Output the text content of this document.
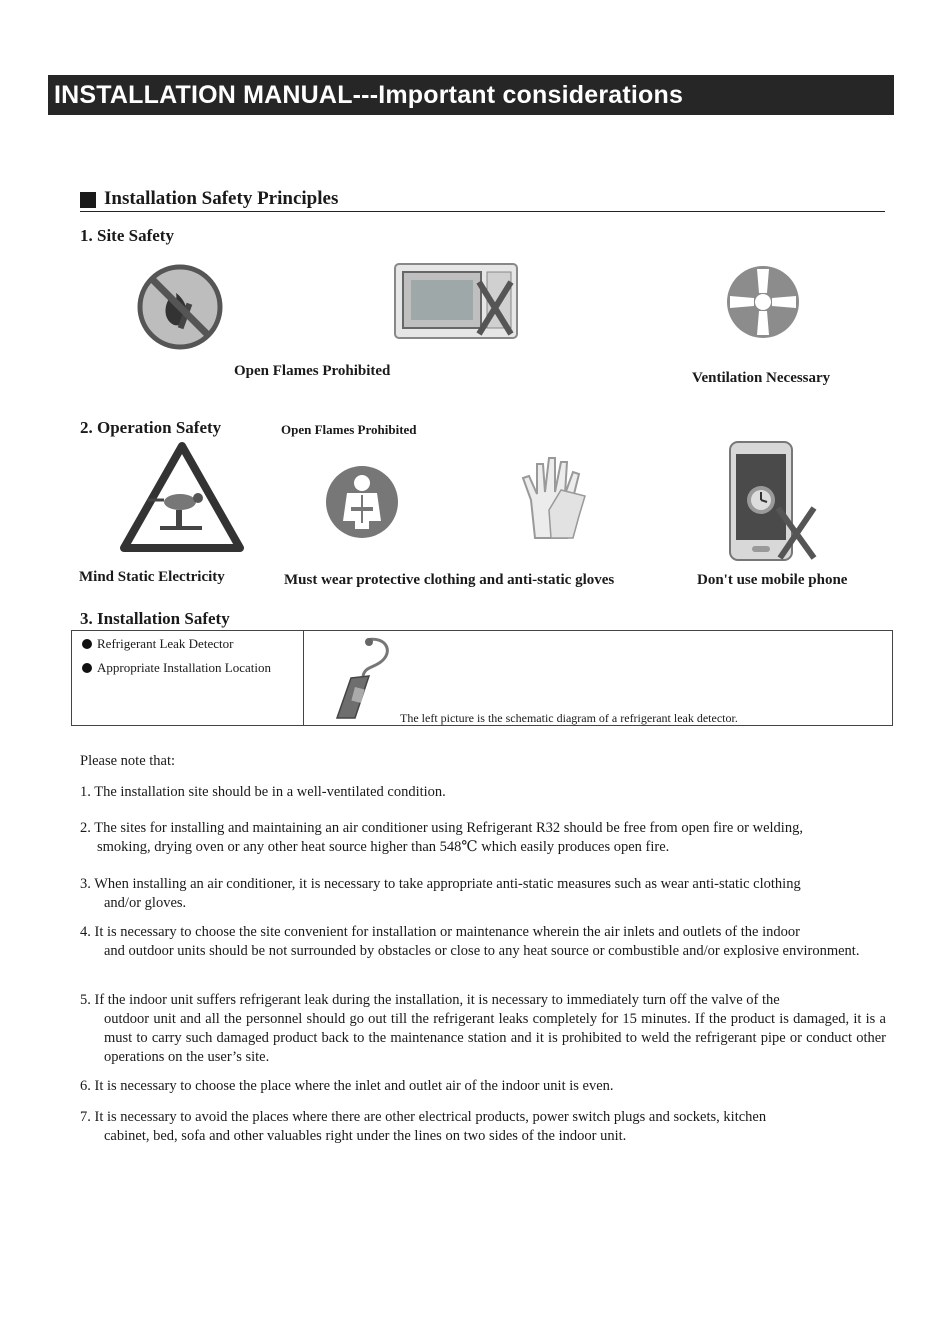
INSTALLATION MANUAL---Important considerations
Installation Safety Principles
1. Site Safety
Open Flames Prohibited	Ventilation Necessary
2. Operation Safety	Open Flames Prohibited
Mind Static Electricity	Must wear protective clothing and anti-static gloves	Don't use mobile phone
3. Installation Safety
Refrigerant Leak Detector
Appropriate Installation Location
The left picture is the schematic diagram of a refrigerant leak detector.
Please note that:
1. The installation site should be in a well-ventilated condition.
2. The sites for installing and maintaining an air conditioner using Refrigerant R32 should be free from open fire or welding,
smoking, drying oven or any other heat source higher than 548℃ which easily produces open fire.
3. When installing an air conditioner, it is necessary to take appropriate anti-static measures such as wear anti-static clothing
and/or gloves.
4. It is necessary to choose the site convenient for installation or maintenance wherein the air inlets and outlets of the indoor
and outdoor units should be not surrounded by obstacles or close to any heat source or combustible and/or explosive environment.
5. If the indoor unit suffers refrigerant leak during the installation, it is necessary to immediately turn off the valve of the
outdoor unit and all the personnel should go out till the refrigerant leaks completely for 15 minutes. If the product is damaged, it is a must to carry such damaged product back to the maintenance station and it is prohibited to weld the refrigerant pipe or conduct other operations on the user’s site.
6. It is necessary to choose the place where the inlet and outlet air of the indoor unit is even.
7. It is necessary to avoid the places where there are other electrical products, power switch plugs and sockets, kitchen
cabinet, bed, sofa and other valuables right under the lines on two sides of the indoor unit.
